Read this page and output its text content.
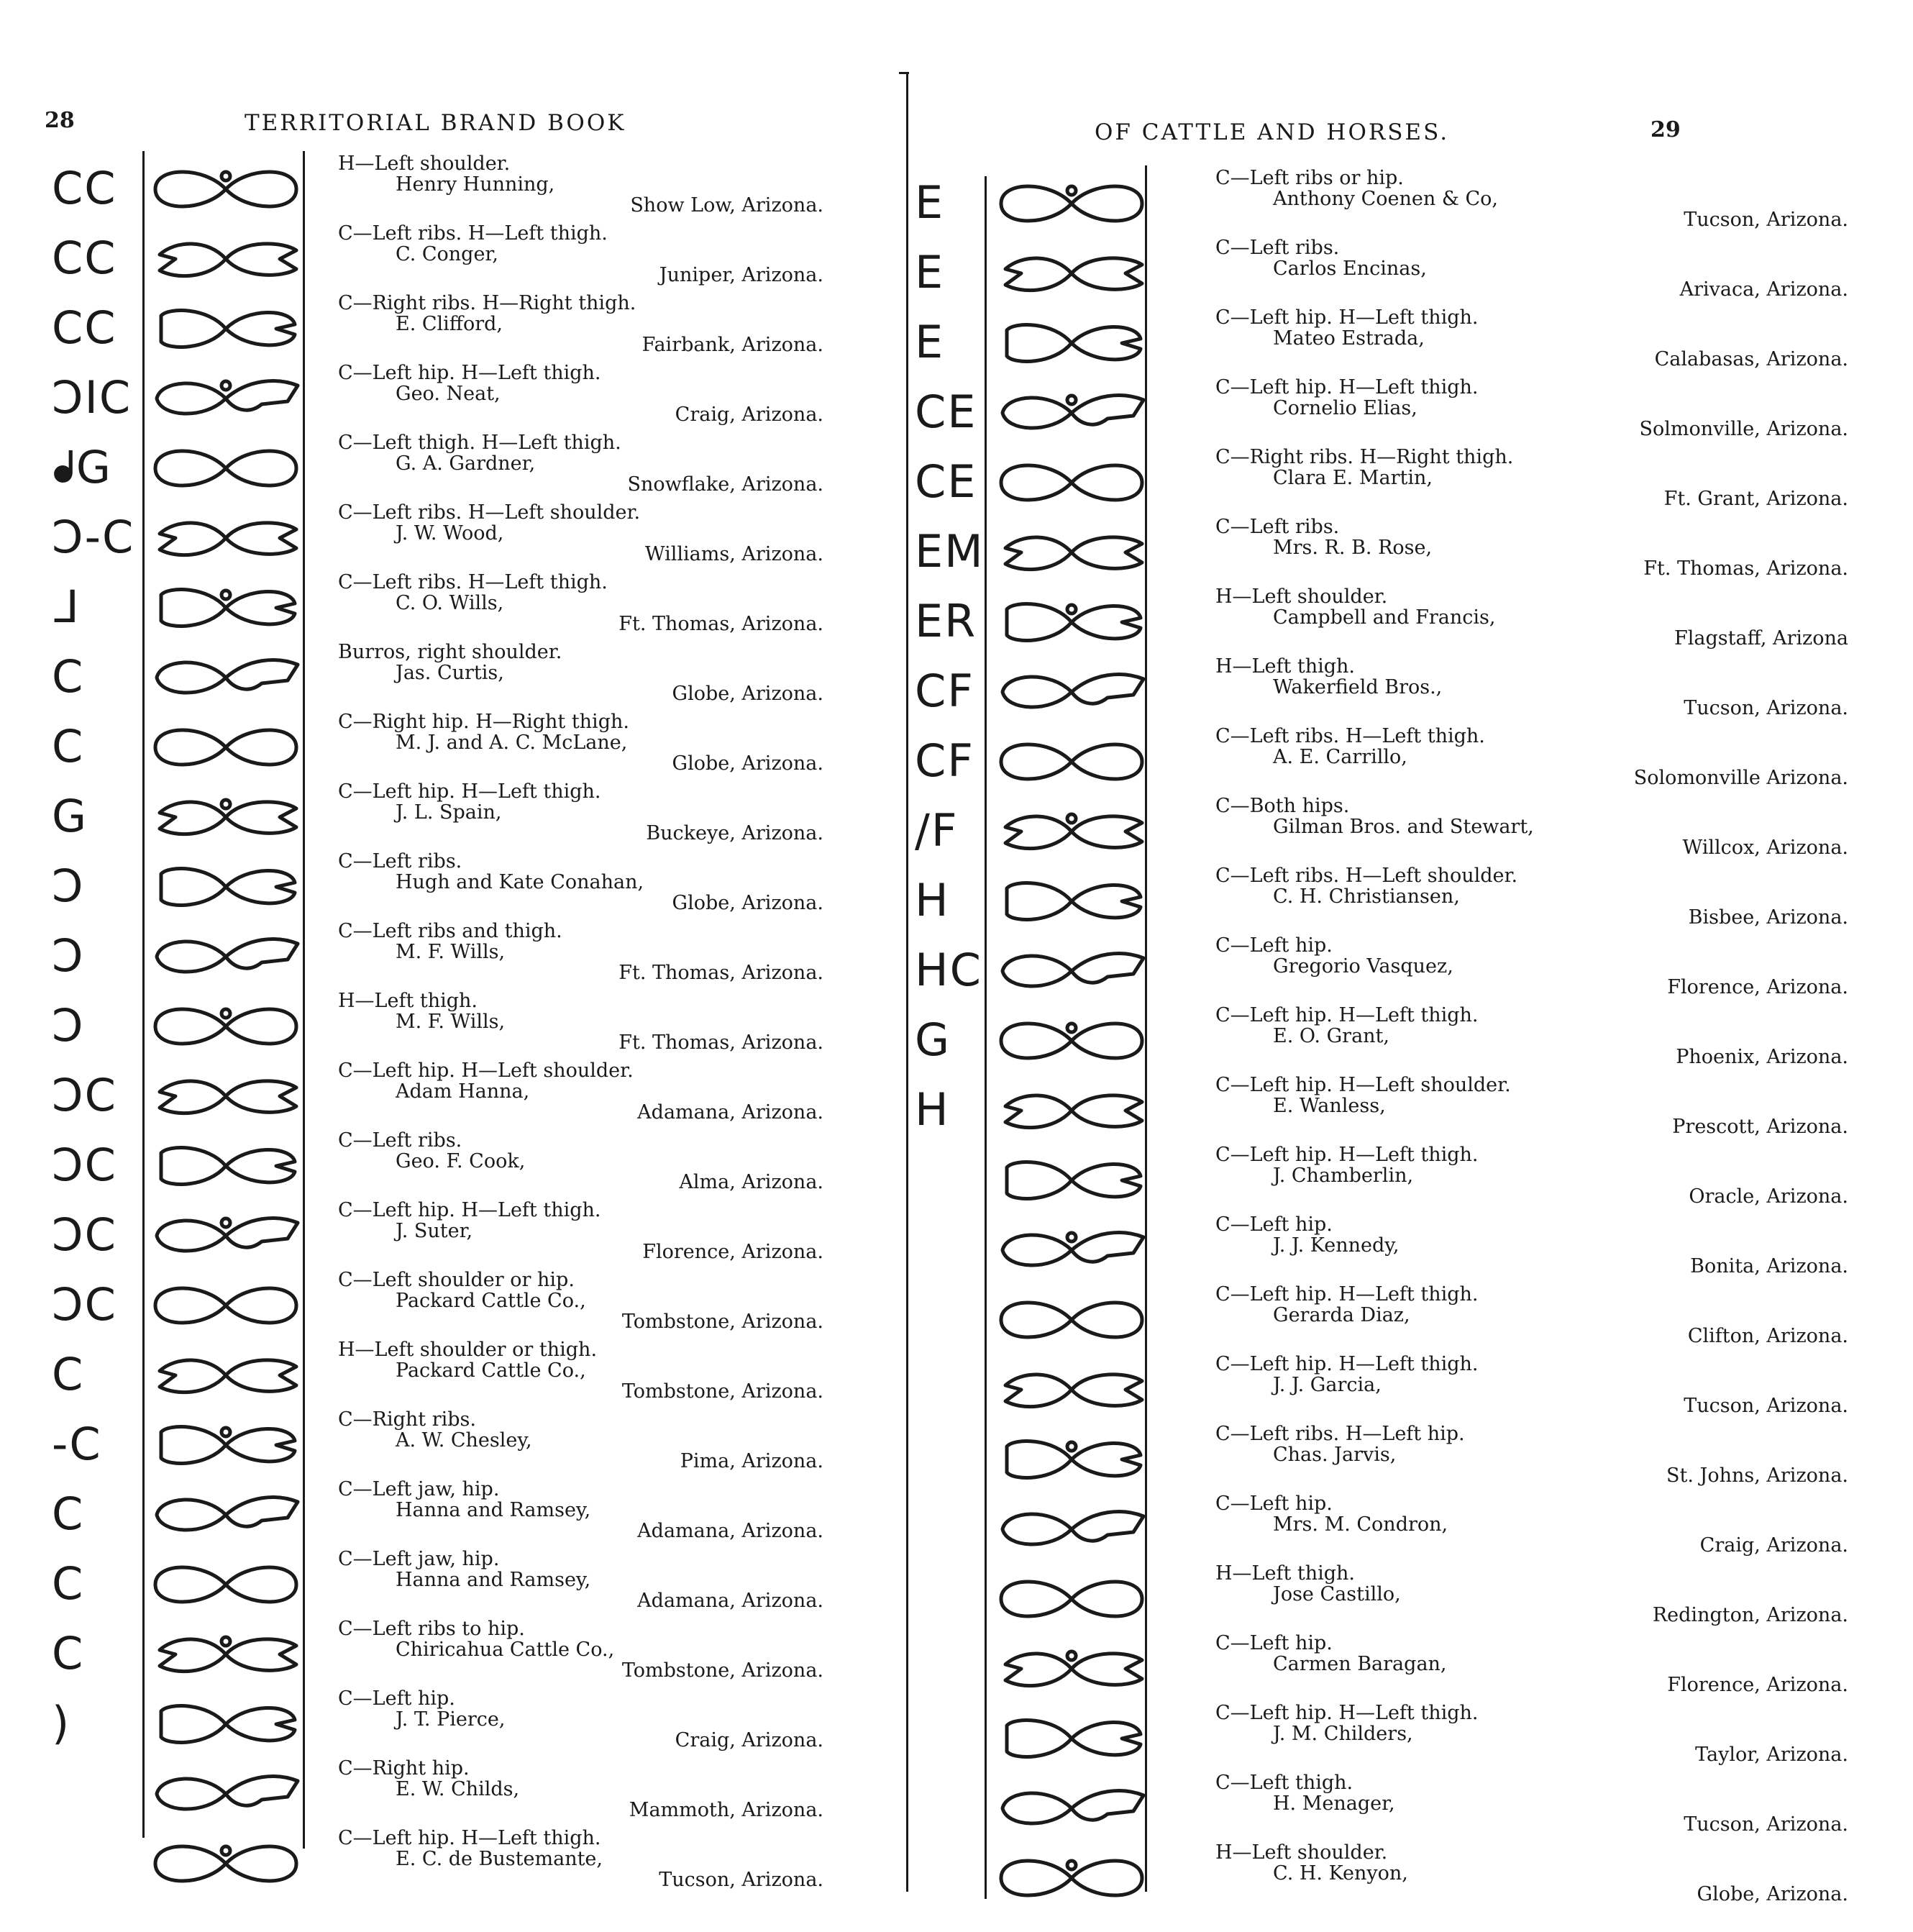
28	TERRITORIAL BRAND BOOK
CC
CC
CC
ƆIC
ᖱG
Ɔ-C
ᒧ
C
C
G
Ɔ
Ɔ
Ɔ
ƆC
ƆC
ƆC
ƆC
C
-C
C
C
C
)
H—Left shoulder.
Henry Hunning,
Show Low, Arizona.
C—Left ribs. H—Left thigh.
C. Conger,
Juniper, Arizona.
C—Right ribs. H—Right thigh.
E. Clifford,
Fairbank, Arizona.
C—Left hip. H—Left thigh.
Geo. Neat,
Craig, Arizona.
C—Left thigh. H—Left thigh.
G. A. Gardner,
Snowflake, Arizona.
C—Left ribs. H—Left shoulder.
J. W. Wood,
Williams, Arizona.
C—Left ribs. H—Left thigh.
C. O. Wills,
Ft. Thomas, Arizona.
Burros, right shoulder.
Jas. Curtis,
Globe, Arizona.
C—Right hip. H—Right thigh.
M. J. and A. C. McLane,
Globe, Arizona.
C—Left hip. H—Left thigh.
J. L. Spain,
Buckeye, Arizona.
C—Left ribs.
Hugh and Kate Conahan,
Globe, Arizona.
C—Left ribs and thigh.
M. F. Wills,
Ft. Thomas, Arizona.
H—Left thigh.
M. F. Wills,
Ft. Thomas, Arizona.
C—Left hip. H—Left shoulder.
Adam Hanna,
Adamana, Arizona.
C—Left ribs.
Geo. F. Cook,
Alma, Arizona.
C—Left hip. H—Left thigh.
J. Suter,
Florence, Arizona.
C—Left shoulder or hip.
Packard Cattle Co.,
Tombstone, Arizona.
H—Left shoulder or thigh.
Packard Cattle Co.,
Tombstone, Arizona.
C—Right ribs.
A. W. Chesley,
Pima, Arizona.
C—Left jaw, hip.
Hanna and Ramsey,
Adamana, Arizona.
C—Left jaw, hip.
Hanna and Ramsey,
Adamana, Arizona.
C—Left ribs to hip.
Chiricahua Cattle Co.,
Tombstone, Arizona.
C—Left hip.
J. T. Pierce,
Craig, Arizona.
C—Right hip.
E. W. Childs,
Mammoth, Arizona.
C—Left hip. H—Left thigh.
E. C. de Bustemante,
Tucson, Arizona.
OF CATTLE AND HORSES.	29
E
E
E
CE
CE
EM
ER
CF
CF
/F
H
HC
G
H
C—Left ribs or hip.
Anthony Coenen & Co,
Tucson, Arizona.
C—Left ribs.
Carlos Encinas,
Arivaca, Arizona.
C—Left hip. H—Left thigh.
Mateo Estrada,
Calabasas, Arizona.
C—Left hip. H—Left thigh.
Cornelio Elias,
Solmonville, Arizona.
C—Right ribs. H—Right thigh.
Clara E. Martin,
Ft. Grant, Arizona.
C—Left ribs.
Mrs. R. B. Rose,
Ft. Thomas, Arizona.
H—Left shoulder.
Campbell and Francis,
Flagstaff, Arizona
H—Left thigh.
Wakerfield Bros.,
Tucson, Arizona.
C—Left ribs. H—Left thigh.
A. E. Carrillo,
Solomonville Arizona.
C—Both hips.
Gilman Bros. and Stewart,
Willcox, Arizona.
C—Left ribs. H—Left shoulder.
C. H. Christiansen,
Bisbee, Arizona.
C—Left hip.
Gregorio Vasquez,
Florence, Arizona.
C—Left hip. H—Left thigh.
E. O. Grant,
Phoenix, Arizona.
C—Left hip. H—Left shoulder.
E. Wanless,
Prescott, Arizona.
C—Left hip. H—Left thigh.
J. Chamberlin,
Oracle, Arizona.
C—Left hip.
J. J. Kennedy,
Bonita, Arizona.
C—Left hip. H—Left thigh.
Gerarda Diaz,
Clifton, Arizona.
C—Left hip. H—Left thigh.
J. J. Garcia,
Tucson, Arizona.
C—Left ribs. H—Left hip.
Chas. Jarvis,
St. Johns, Arizona.
C—Left hip.
Mrs. M. Condron,
Craig, Arizona.
H—Left thigh.
Jose Castillo,
Redington, Arizona.
C—Left hip.
Carmen Baragan,
Florence, Arizona.
C—Left hip. H—Left thigh.
J. M. Childers,
Taylor, Arizona.
C—Left thigh.
H. Menager,
Tucson, Arizona.
H—Left shoulder.
C. H. Kenyon,
Globe, Arizona.
